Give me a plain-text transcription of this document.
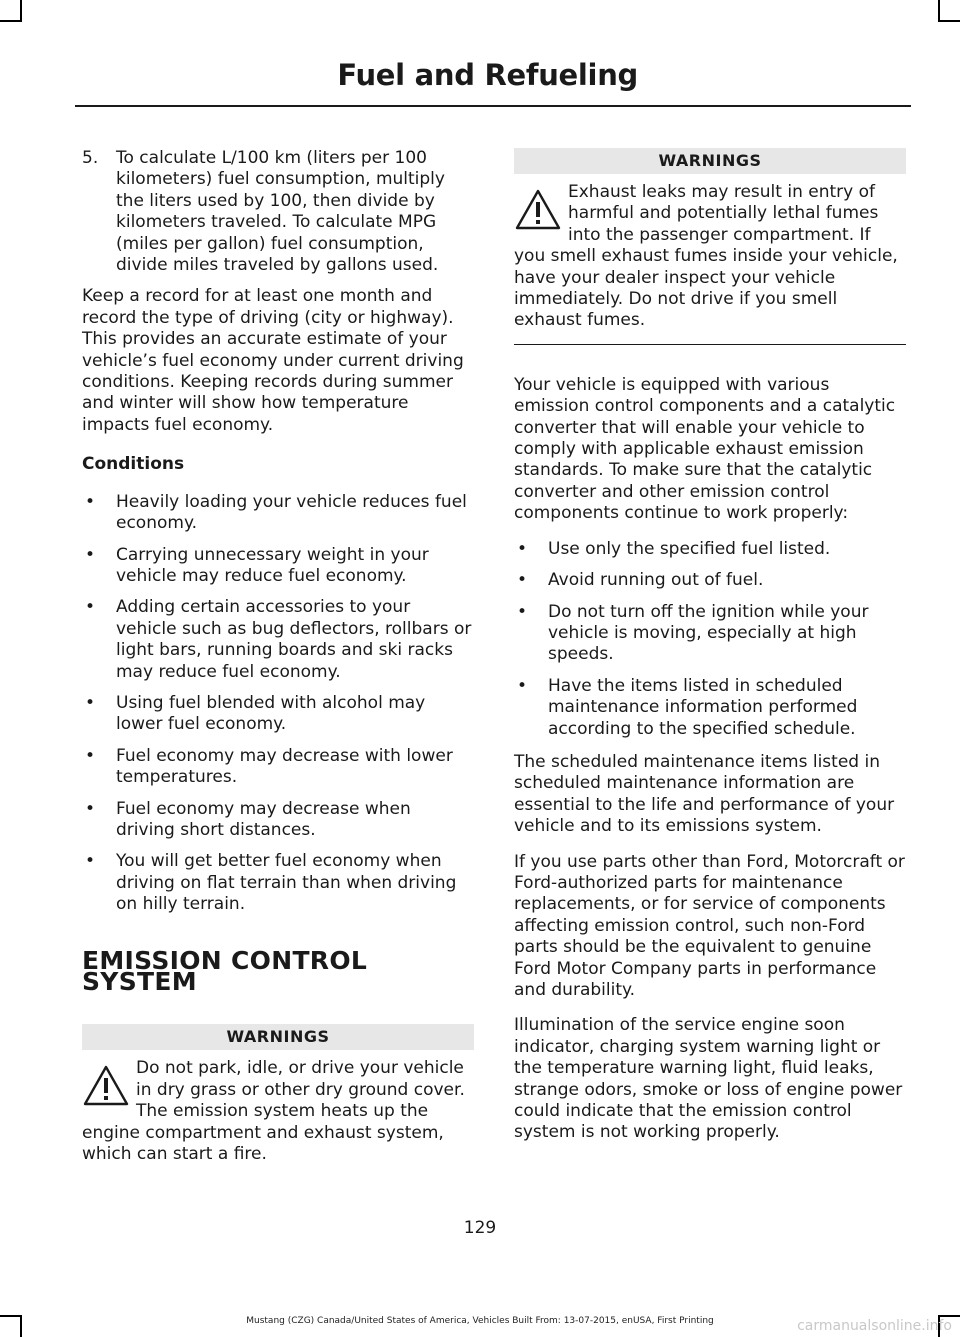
Fuel and Refueling
5. To calculate L/100 km (liters per 100 kilometers) fuel consumption, multiply the liters used by 100, then divide by kilometers traveled. To calculate MPG (miles per gallon) fuel consumption, divide miles traveled by gallons used.

Keep a record for at least one month and record the type of driving (city or highway). This provides an accurate estimate of your vehicle’s fuel economy under current driving conditions. Keeping records during summer and winter will show how temperature impacts fuel economy.

Conditions
• Heavily loading your vehicle reduces fuel economy.
• Carrying unnecessary weight in your vehicle may reduce fuel economy.
• Adding certain accessories to your vehicle such as bug deflectors, rollbars or light bars, running boards and ski racks may reduce fuel economy.
• Using fuel blended with alcohol may lower fuel economy.
• Fuel economy may decrease with lower temperatures.
• Fuel economy may decrease when driving short distances.
• You will get better fuel economy when driving on flat terrain than when driving on hilly terrain.
EMISSION CONTROL SYSTEM
WARNINGS
Do not park, idle, or drive your vehicle in dry grass or other dry ground cover. The emission system heats up the engine compartment and exhaust system, which can start a fire.
WARNINGS
Exhaust leaks may result in entry of harmful and potentially lethal fumes into the passenger compartment. If you smell exhaust fumes inside your vehicle, have your dealer inspect your vehicle immediately. Do not drive if you smell exhaust fumes.

Your vehicle is equipped with various emission control components and a catalytic converter that will enable your vehicle to comply with applicable exhaust emission standards. To make sure that the catalytic converter and other emission control components continue to work properly:

• Use only the specified fuel listed.
• Avoid running out of fuel.
• Do not turn off the ignition while your vehicle is moving, especially at high speeds.
• Have the items listed in scheduled maintenance information performed according to the specified schedule.

The scheduled maintenance items listed in scheduled maintenance information are essential to the life and performance of your vehicle and to its emissions system.

If you use parts other than Ford, Motorcraft or Ford-authorized parts for maintenance replacements, or for service of components affecting emission control, such non-Ford parts should be the equivalent to genuine Ford Motor Company parts in performance and durability.

Illumination of the service engine soon indicator, charging system warning light or the temperature warning light, fluid leaks, strange odors, smoke or loss of engine power could indicate that the emission control system is not working properly.

129
Mustang (CZG) Canada/United States of America, Vehicles Built From: 13-07-2015, enUSA, First Printing	carmanualsonline.info
